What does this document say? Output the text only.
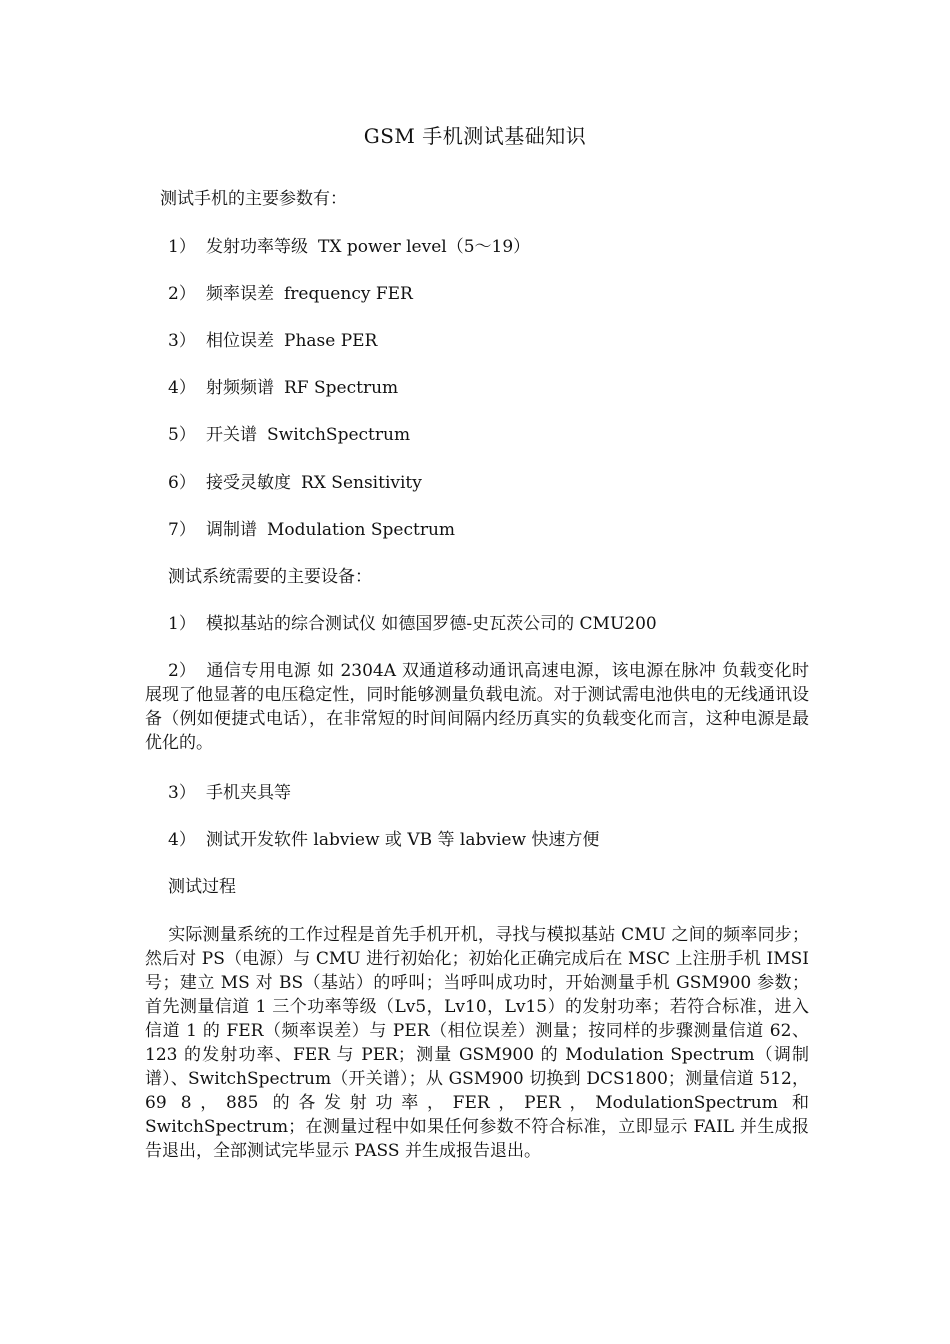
GSM 手机测试基础知识
测试手机的主要参数有：
1） 发射功率等级 TX power level（5～19）
2） 频率误差 frequency FER
3） 相位误差 Phase PER
4） 射频频谱 RF Spectrum
5） 开关谱 SwitchSpectrum
6） 接受灵敏度 RX Sensitivity
7） 调制谱 Modulation Spectrum
测试系统需要的主要设备：
1） 模拟基站的综合测试仪 如德国罗德-史瓦茨公司的 CMU200
2） 通信专用电源 如 2304A 双通道移动通讯高速电源，该电源在脉冲 负载变化时展现了他显著的电压稳定性，同时能够测量负载电流。对于测试需电池供电的无线通讯设备（例如便捷式电话），在非常短的时间间隔内经历真实的负载变化而言，这种电源是最优化的。
3） 手机夹具等
4） 测试开发软件 labview 或 VB 等 labview 快速方便
测试过程
实际测量系统的工作过程是首先手机开机，寻找与模拟基站 CMU 之间的频率同步；然后对 PS（电源）与 CMU 进行初始化；初始化正确完成后在 MSC 上注册手机 IMSI 号；建立 MS 对 BS（基站）的呼叫；当呼叫成功时，开始测量手机 GSM900 参数；首先测量信道 1 三个功率等级（Lv5，Lv10，Lv15）的发射功率；若符合标准，进入信道 1 的 FER（频率误差）与 PER（相位误差）测量；按同样的步骤测量信道 62、123 的发射功率、FER 与 PER；测量 GSM900 的 Modulation Spectrum（调制谱）、SwitchSpectrum（开关谱）；从 GSM900 切换到 DCS1800；测量信道 512，69 8，885 的各发射功率，FER，PER，ModulationSpectrum 和 SwitchSpectrum；在测量过程中如果任何参数不符合标准，立即显示 FAIL 并生成报告退出，全部测试完毕显示 PASS 并生成报告退出。
